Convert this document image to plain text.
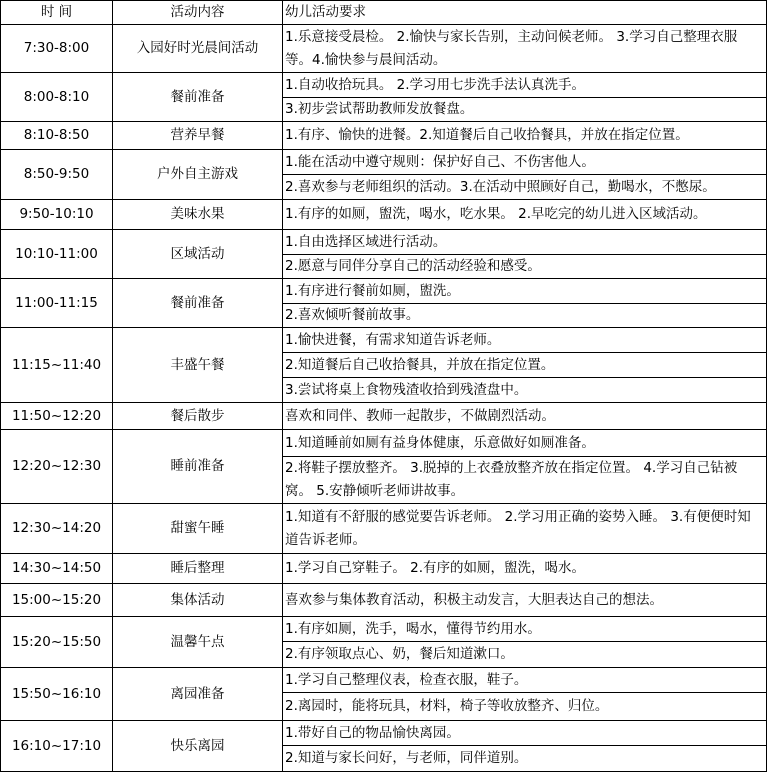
时 间	活动内容	幼儿活动要求
7:30-8:00	入园好时光晨间活动	1.乐意接受晨检。 2.愉快与家长告别，主动问候老师。 3.学习自己整理衣服等。4.愉快参与晨间活动。
8:00-8:10	餐前准备	1.自动收拾玩具。 2.学习用七步洗手法认真洗手。
		3.初步尝试帮助教师发放餐盘。
8:10-8:50	营养早餐	1.有序、愉快的进餐。2.知道餐后自己收拾餐具，并放在指定位置。
8:50-9:50	户外自主游戏	1.能在活动中遵守规则：保护好自己、不伤害他人。
		2.喜欢参与老师组织的活动。3.在活动中照顾好自己，勤喝水，不憋尿。
9:50-10:10	美味水果	1.有序的如厕，盥洗，喝水，吃水果。 2.早吃完的幼儿进入区域活动。
10:10-11:00	区域活动	1.自由选择区域进行活动。
		2.愿意与同伴分享自己的活动经验和感受。
11:00-11:15	餐前准备	1.有序进行餐前如厕，盥洗。
		2.喜欢倾听餐前故事。
11:15~11:40	丰盛午餐	1.愉快进餐，有需求知道告诉老师。
		2.知道餐后自己收拾餐具，并放在指定位置。
		3.尝试将桌上食物残渣收拾到残渣盘中。
11:50~12:20	餐后散步	喜欢和同伴、教师一起散步，不做剧烈活动。
12:20~12:30	睡前准备	1.知道睡前如厕有益身体健康，乐意做好如厕准备。
		2.将鞋子摆放整齐。 3.脱掉的上衣叠放整齐放在指定位置。 4.学习自己钻被窝。 5.安静倾听老师讲故事。
12:30~14:20	甜蜜午睡	1.知道有不舒服的感觉要告诉老师。 2.学习用正确的姿势入睡。 3.有便便时知道告诉老师。
14:30~14:50	睡后整理	1.学习自己穿鞋子。 2.有序的如厕，盥洗，喝水。
15:00~15:20	集体活动	喜欢参与集体教育活动，积极主动发言，大胆表达自己的想法。
15:20~15:50	温馨午点	1.有序如厕，洗手，喝水，懂得节约用水。
		2.有序领取点心、奶，餐后知道漱口。
15:50~16:10	离园准备	1.学习自己整理仪表，检查衣服，鞋子。
		2.离园时，能将玩具，材料，椅子等收放整齐、归位。
16:10~17:10	快乐离园	1.带好自己的物品愉快离园。
		2.知道与家长问好，与老师，同伴道别。
